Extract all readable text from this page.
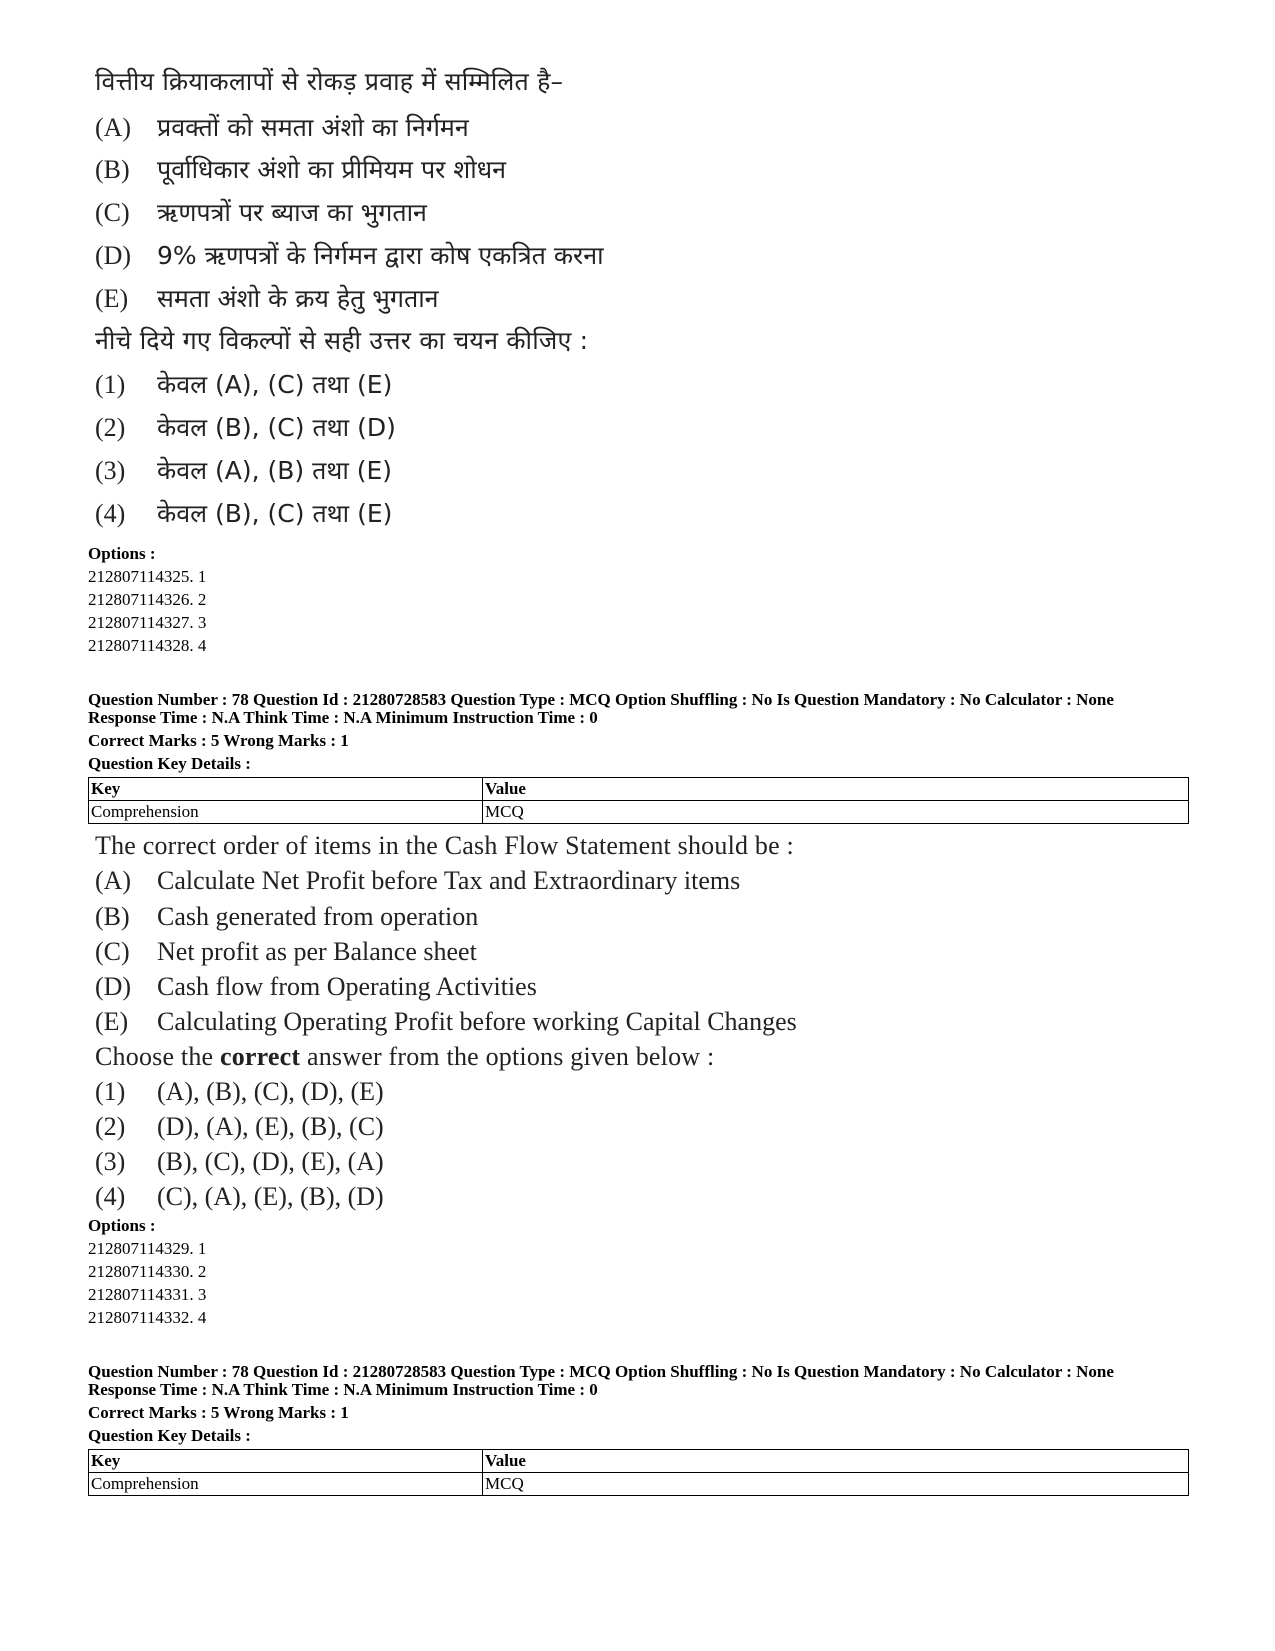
वित्तीय क्रियाकलापों से रोकड़ प्रवाह में सम्मिलित है–
(A) प्रवक्तों को समता अंशो का निर्गमन
(B) पूर्वाधिकार अंशो का प्रीमियम पर शोधन
(C) ऋणपत्रों पर ब्याज का भुगतान
(D) 9% ऋणपत्रों के निर्गमन द्वारा कोष एकत्रित करना
(E) समता अंशो के क्रय हेतु भुगतान
नीचे दिये गए विकल्पों से सही उत्तर का चयन कीजिए :
(1) केवल (A), (C) तथा (E)
(2) केवल (B), (C) तथा (D)
(3) केवल (A), (B) तथा (E)
(4) केवल (B), (C) तथा (E)
Options :
212807114325. 1
212807114326. 2
212807114327. 3
212807114328. 4
Question Number : 78 Question Id : 21280728583 Question Type : MCQ Option Shuffling : No Is Question Mandatory : No Calculator : None
Response Time : N.A Think Time : N.A Minimum Instruction Time : 0
Correct Marks : 5 Wrong Marks : 1
Question Key Details :
Key	Value
Comprehension	MCQ
The correct order of items in the Cash Flow Statement should be :
(A) Calculate Net Profit before Tax and Extraordinary items
(B) Cash generated from operation
(C) Net profit as per Balance sheet
(D) Cash flow from Operating Activities
(E) Calculating Operating Profit before working Capital Changes
Choose the correct answer from the options given below :
(1) (A), (B), (C), (D), (E)
(2) (D), (A), (E), (B), (C)
(3) (B), (C), (D), (E), (A)
(4) (C), (A), (E), (B), (D)
Options :
212807114329. 1
212807114330. 2
212807114331. 3
212807114332. 4
Question Number : 78 Question Id : 21280728583 Question Type : MCQ Option Shuffling : No Is Question Mandatory : No Calculator : None
Response Time : N.A Think Time : N.A Minimum Instruction Time : 0
Correct Marks : 5 Wrong Marks : 1
Question Key Details :
Key	Value
Comprehension	MCQ
